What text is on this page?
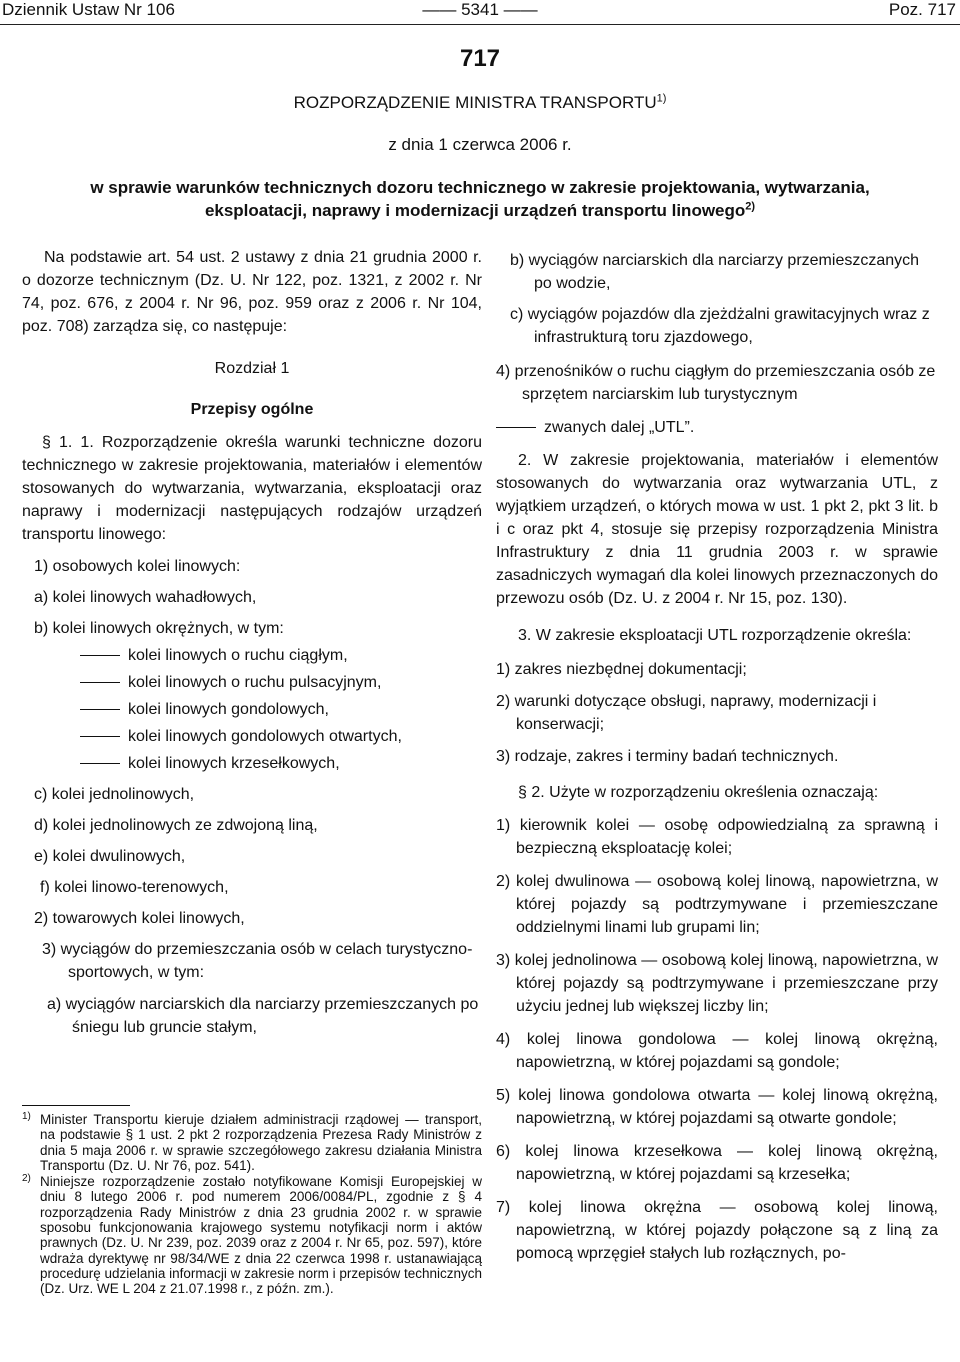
Dziennik Ustaw Nr 106	—— 5341 ——	Poz. 717
717
ROZPORZĄDZENIE MINISTRA TRANSPORTU$^{1)}$
z dnia 1 czerwca 2006 r.
w sprawie warunków technicznych dozoru technicznego w zakresie projektowania, wytwarzania,
eksploatacji, naprawy i modernizacji urządzeń transportu linowego$^{2)}$

Na podstawie art. 54 ust. 2 ustawy z dnia 21 grudnia 2000 r. o dozorze technicznym (Dz. U. Nr 122, poz. 1321, z 2002 r. Nr 74, poz. 676, z 2004 r. Nr 96, poz. 959 oraz z 2006 r. Nr 104, poz. 708) zarządza się, co następuje:

Rozdział 1

Przepisy ogólne

§ 1. 1. Rozporządzenie określa warunki techniczne dozoru technicznego w zakresie projektowania, materiałów i elementów stosowanych do wytwarzania, wytwarzania, eksploatacji oraz naprawy i modernizacji następujących rodzajów urządzeń transportu linowego:

1) osobowych kolei linowych:

a) kolei linowych wahadłowych,

b) kolei linowych okrężnych, w tym:

kolei linowych o ruchu ciągłym,

kolei linowych o ruchu pulsacyjnym,

kolei linowych gondolowych,

kolei linowych gondolowych otwartych,

kolei linowych krzesełkowych,

c) kolei jednolinowych,

d) kolei jednolinowych ze zdwojoną liną,

e) kolei dwulinowych,

f) kolei linowo-terenowych,

2) towarowych kolei linowych,

3) wyciągów do przemieszczania osób w celach turystyczno-sportowych, w tym:

a) wyciągów narciarskich dla narciarzy przemieszczanych po śniegu lub gruncie stałym,

1) Minister Transportu kieruje działem administracji rządowej — transport, na podstawie § 1 ust. 2 pkt 2 rozporządzenia Prezesa Rady Ministrów z dnia 5 maja 2006 r. w sprawie szczegółowego zakresu działania Ministra Transportu (Dz. U. Nr 76, poz. 541).

2) Niniejsze rozporządzenie zostało notyfikowane Komisji Europejskiej w dniu 8 lutego 2006 r. pod numerem 2006/0084/PL, zgodnie z § 4 rozporządzenia Rady Ministrów z dnia 23 grudnia 2002 r. w sprawie sposobu funkcjonowania krajowego systemu notyfikacji norm i aktów prawnych (Dz. U. Nr 239, poz. 2039 oraz z 2004 r. Nr 65, poz. 597), które wdraża dyrektywę nr 98/34/WE z dnia 22 czerwca 1998 r. ustanawiającą procedurę udzielania informacji w zakresie norm i przepisów technicznych (Dz. Urz. WE L 204 z 21.07.1998 r., z późn. zm.).

b) wyciągów narciarskich dla narciarzy przemieszczanych po wodzie,

c) wyciągów pojazdów dla zjeżdżalni grawitacyjnych wraz z infrastrukturą toru zjazdowego,

4) przenośników o ruchu ciągłym do przemieszczania osób ze sprzętem narciarskim lub turystycznym

zwanych dalej „UTL”.

2. W zakresie projektowania, materiałów i elementów stosowanych do wytwarzania oraz wytwarzania UTL, z wyjątkiem urządzeń, o których mowa w ust. 1 pkt 2, pkt 3 lit. b i c oraz pkt 4, stosuje się przepisy rozporządzenia Ministra Infrastruktury z dnia 11 grudnia 2003 r. w sprawie zasadniczych wymagań dla kolei linowych przeznaczonych do przewozu osób (Dz. U. z 2004 r. Nr 15, poz. 130).

3. W zakresie eksploatacji UTL rozporządzenie określa:

1) zakres niezbędnej dokumentacji;

2) warunki dotyczące obsługi, naprawy, modernizacji i konserwacji;

3) rodzaje, zakres i terminy badań technicznych.

§ 2. Użyte w rozporządzeniu określenia oznaczają:

1) kierownik kolei — osobę odpowiedzialną za sprawną i bezpieczną eksploatację kolei;

2) kolej dwulinowa — osobową kolej linową, napowietrzna, w której pojazdy są podtrzymywane i przemieszczane oddzielnymi linami lub grupami lin;

3) kolej jednolinowa — osobową kolej linową, napowietrzna, w której pojazdy są podtrzymywane i przemieszczane przy użyciu jednej lub większej liczby lin;

4) kolej linowa gondolowa — kolej linową okrężną, napowietrzną, w której pojazdami są gondole;

5) kolej linowa gondolowa otwarta — kolej linową okrężną, napowietrzną, w której pojazdami są otwarte gondole;

6) kolej linowa krzesełkowa — kolej linową okrężną, napowietrzną, w której pojazdami są krzesełka;

7) kolej linowa okrężna — osobową kolej linową, napowietrzną, w której pojazdy połączone są z liną za pomocą wprzęgieł stałych lub rozłącznych, po-
